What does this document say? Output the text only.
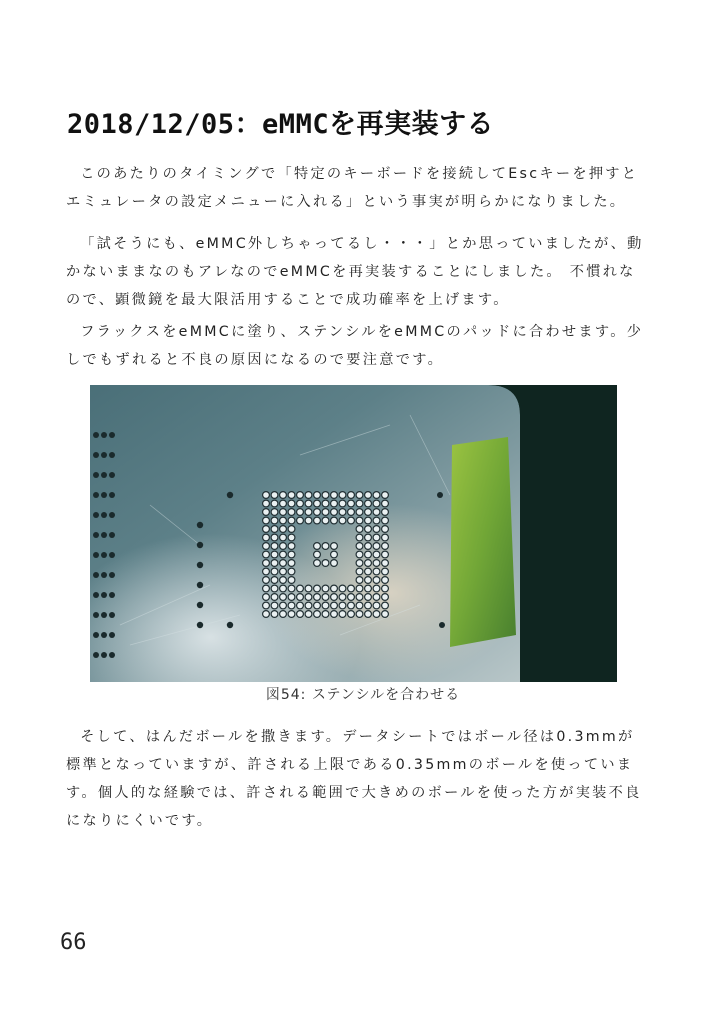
2018/12/05：eMMCを再実装する

このあたりのタイミングで「特定のキーボードを接続してEscキーを押すとエミュレータの設定メニューに入れる」という事実が明らかになりました。

「試そうにも、eMMC外しちゃってるし・・・」とか思っていましたが、動かないままなのもアレなのでeMMCを再実装することにしました。 不慣れなので、顕微鏡を最大限活用することで成功確率を上げます。

フラックスをeMMCに塗り、ステンシルをeMMCのパッドに合わせます。少しでもずれると不良の原因になるので要注意です。

図54: ステンシルを合わせる

そして、はんだボールを撒きます。データシートではボール径は0.3mmが標準となっていますが、許される上限である0.35mmのボールを使っています。個人的な経験では、許される範囲で大きめのボールを使った方が実装不良になりにくいです。

66
